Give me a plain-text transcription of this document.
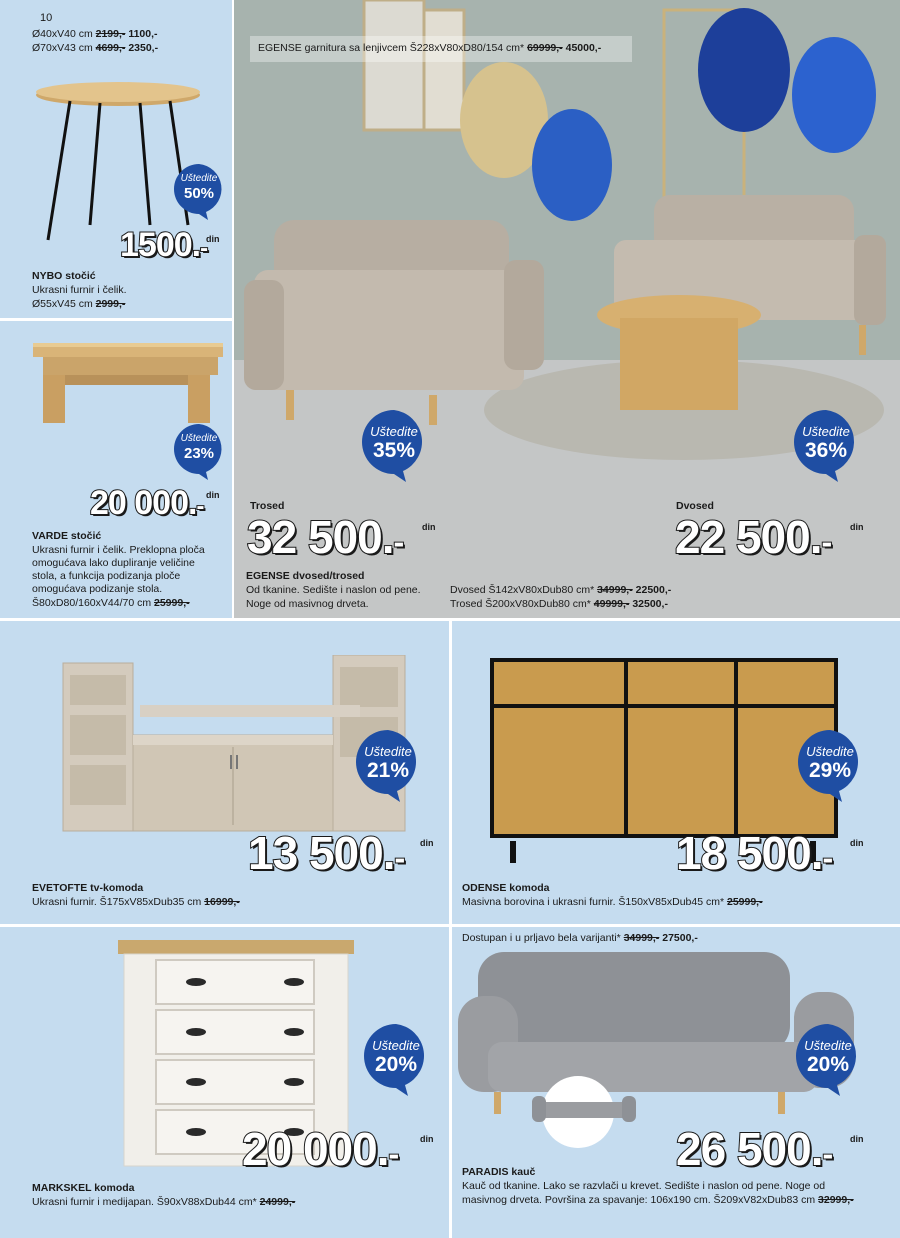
10
Ø40xV40 cm 2199,- 1100,-
Ø70xV43 cm 4699,- 2350,-
Uštedite
50%
1500.-
din
NYBO stočić
Ukrasni furnir i čelik.
Ø55xV45 cm 2999,-
Uštedite
23%
20 000.- din
VARDE stočić
Ukrasni furnir i čelik. Preklopna ploča
omogućava lako dupliranje veličine
stola, a funkcija podizanja ploče
omogućava podizanje stola.
Š80xD80/160xV44/70 cm 25999,-
EGENSE garnitura sa lenjivcem Š228xV80xD80/154 cm* 69999,- 45000,-
Uštedite
35%
Uštedite
36%
Trosed
32 500.- din
Dvosed
22 500.- din
EGENSE dvosed/trosed
Od tkanine. Sedište i naslon od pene.
Noge od masivnog drveta.
Dvosed Š142xV80xDub80 cm* 34999,- 22500,-
Trosed Š200xV80xDub80 cm* 49999,- 32500,-
Uštedite
21%
13 500.- din
EVETOFTE tv-komoda
Ukrasni furnir. Š175xV85xDub35 cm 16999,-
Uštedite
29%
18 500.- din
ODENSE komoda
Masivna borovina i ukrasni furnir. Š150xV85xDub45 cm* 25999,-
Uštedite
20%
20 000.- din
MARKSKEL komoda
Ukrasni furnir i medijapan. Š90xV88xDub44 cm* 24999,-
Dostupan i u prljavo bela varijanti* 34999,- 27500,-
Uštedite
20%
26 500.- din
PARADIS kauč
Kauč od tkanine. Lako se razvlači u krevet. Sedište i naslon od pene. Noge od
masivnog drveta. Površina za spavanje: 106x190 cm. Š209xV82xDub83 cm 32999,-
